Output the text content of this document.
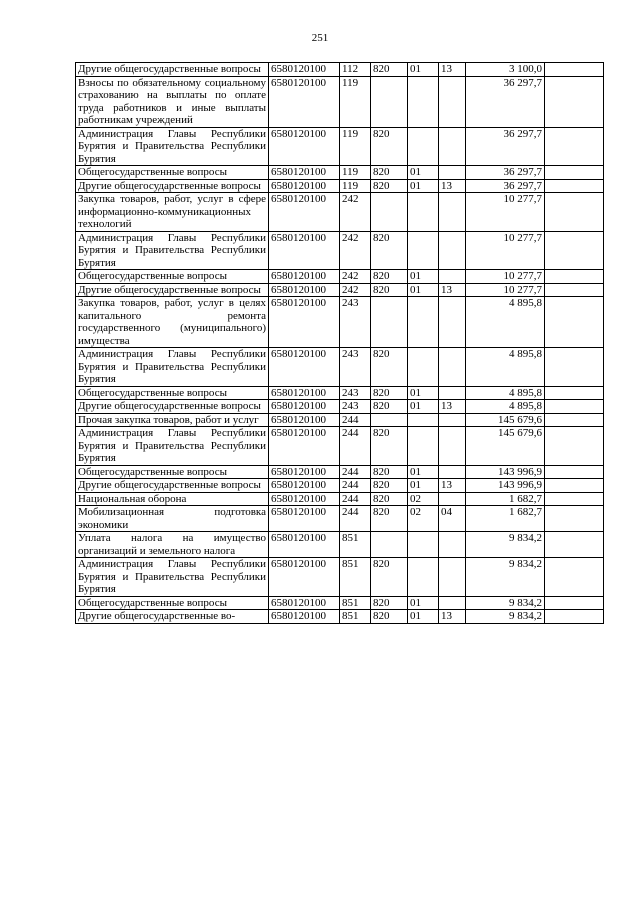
251
Другие общегосударственные вопросы	6580120100	112	820	01	13	3 100,0	
Взносы по обязательному социальному страхованию на выплаты по оплате труда работников и иные выплаты работникам учреждений	6580120100	119				36 297,7	
Администрация Главы Республики Бурятия и Правительства Республики Бурятия	6580120100	119	820			36 297,7	
Общегосударственные вопросы	6580120100	119	820	01		36 297,7	
Другие общегосударственные вопросы	6580120100	119	820	01	13	36 297,7	
Закупка товаров, работ, услуг в сфере информационно-коммуникационных технологий	6580120100	242				10 277,7	
Администрация Главы Республики Бурятия и Правительства Республики Бурятия	6580120100	242	820			10 277,7	
Общегосударственные вопросы	6580120100	242	820	01		10 277,7	
Другие общегосударственные вопросы	6580120100	242	820	01	13	10 277,7	
Закупка товаров, работ, услуг в целях капитального ремонта государственного (муниципального) имущества	6580120100	243				4 895,8	
Администрация Главы Республики Бурятия и Правительства Республики Бурятия	6580120100	243	820			4 895,8	
Общегосударственные вопросы	6580120100	243	820	01		4 895,8	
Другие общегосударственные вопросы	6580120100	243	820	01	13	4 895,8	
Прочая закупка товаров, работ и услуг	6580120100	244				145 679,6	
Администрация Главы Республики Бурятия и Правительства Республики Бурятия	6580120100	244	820			145 679,6	
Общегосударственные вопросы	6580120100	244	820	01		143 996,9	
Другие общегосударственные вопросы	6580120100	244	820	01	13	143 996,9	
Национальная оборона	6580120100	244	820	02		1 682,7	
Мобилизационная подготовка экономики	6580120100	244	820	02	04	1 682,7	
Уплата налога на имущество организаций и земельного налога	6580120100	851				9 834,2	
Администрация Главы Республики Бурятия и Правительства Республики Бурятия	6580120100	851	820			9 834,2	
Общегосударственные вопросы	6580120100	851	820	01		9 834,2	
Другие общегосударственные во-	6580120100	851	820	01	13	9 834,2	
